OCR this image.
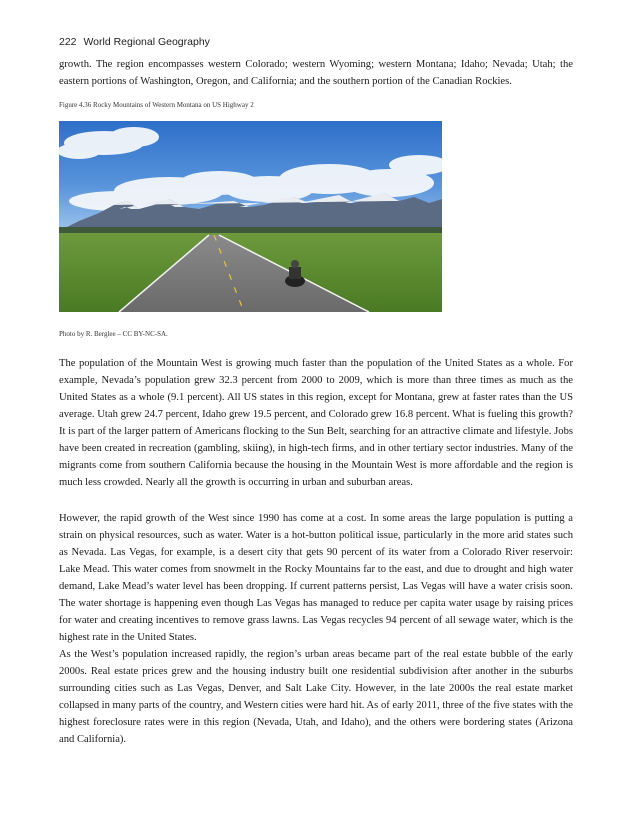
222 World Regional Geography

growth. The region encompasses western Colorado; western Wyoming; western Montana; Idaho; Nevada; Utah; the eastern portions of Washington, Oregon, and California; and the southern portion of the Canadian Rockies.

Figure 4.36 Rocky Mountains of Western Montana on US Highway 2
Photo by R. Berglee – CC BY-NC-SA.

The population of the Mountain West is growing much faster than the population of the United States as a whole. For example, Nevada’s population grew 32.3 percent from 2000 to 2009, which is more than three times as much as the United States as a whole (9.1 percent). All US states in this region, except for Montana, grew at faster rates than the US average. Utah grew 24.7 percent, Idaho grew 19.5 percent, and Colorado grew 16.8 percent. What is fueling this growth? It is part of the larger pattern of Americans flocking to the Sun Belt, searching for an attractive climate and lifestyle. Jobs have been created in recreation (gambling, skiing), in high-tech firms, and in other tertiary sector industries. Many of the migrants come from southern California because the housing in the Mountain West is more affordable and the region is much less crowded. Nearly all the growth is occurring in urban and suburban areas.

However, the rapid growth of the West since 1990 has come at a cost. In some areas the large population is putting a strain on physical resources, such as water. Water is a hot-button political issue, particularly in the more arid states such as Nevada. Las Vegas, for example, is a desert city that gets 90 percent of its water from a Colorado River reservoir: Lake Mead. This water comes from snowmelt in the Rocky Mountains far to the east, and due to drought and high water demand, Lake Mead’s water level has been dropping. If current patterns persist, Las Vegas will have a water crisis soon. The water shortage is happening even though Las Vegas has managed to reduce per capita water usage by raising prices for water and creating incentives to remove grass lawns. Las Vegas recycles 94 percent of all sewage water, which is the highest rate in the United States.

As the West’s population increased rapidly, the region’s urban areas became part of the real estate bubble of the early 2000s. Real estate prices grew and the housing industry built one residential subdivision after another in the suburbs surrounding cities such as Las Vegas, Denver, and Salt Lake City. However, in the late 2000s the real estate market collapsed in many parts of the country, and Western cities were hard hit. As of early 2011, three of the five states with the highest foreclosure rates were in this region (Nevada, Utah, and Idaho), and the others were bordering states (Arizona and California).
